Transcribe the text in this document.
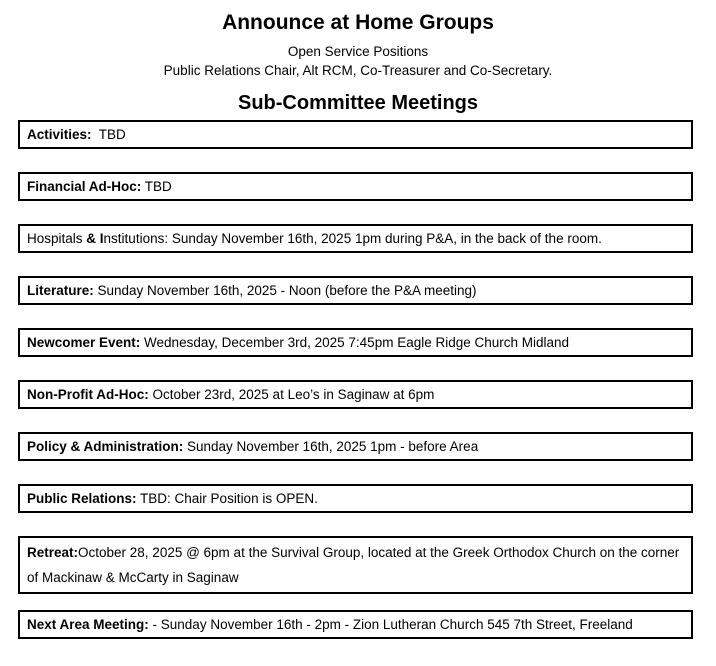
Announce at Home Groups

Open Service Positions

Public Relations Chair, Alt RCM, Co-Treasurer and Co-Secretary.

Sub-Committee Meetings
Activities:  TBD
Financial Ad-Hoc: TBD
Hospitals & Institutions: Sunday November 16th, 2025 1pm during P&A, in the back of the room.
Literature: Sunday November 16th, 2025 - Noon (before the P&A meeting)
Newcomer Event: Wednesday, December 3rd, 2025 7:45pm Eagle Ridge Church Midland
Non-Profit Ad-Hoc: October 23rd, 2025 at Leo’s in Saginaw at 6pm
Policy & Administration: Sunday November 16th, 2025 1pm - before Area
Public Relations: TBD: Chair Position is OPEN.
Retreat:October 28, 2025 @ 6pm at the Survival Group, located at the Greek Orthodox Church on the corner of Mackinaw & McCarty in Saginaw
Next Area Meeting: - Sunday November 16th - 2pm - Zion Lutheran Church 545 7th Street, Freeland
